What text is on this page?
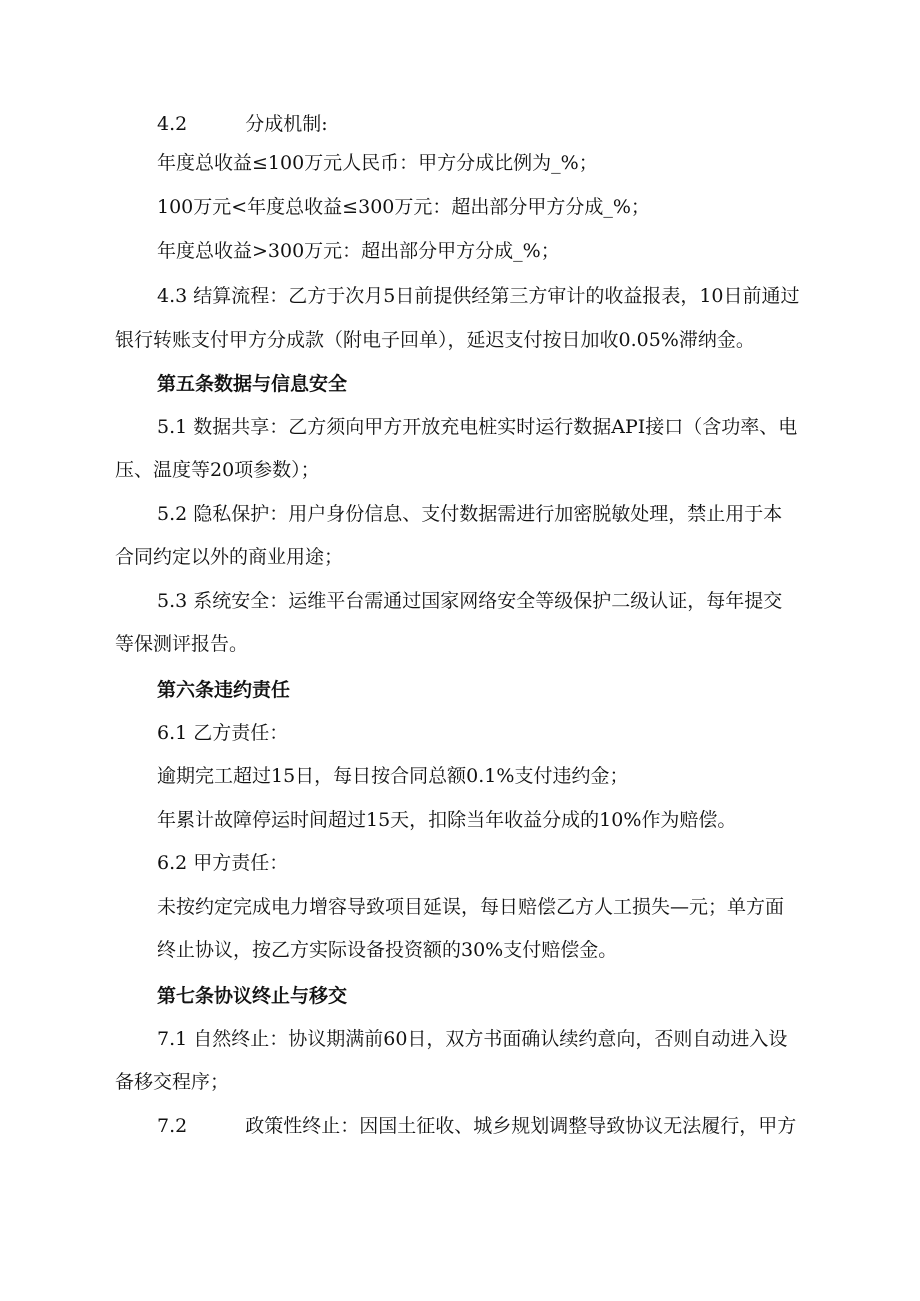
4.2	分成机制:
年度总收益≤100万元人民币：甲方分成比例为_%；
100万元<年度总收益≤300万元：超出部分甲方分成_%；
年度总收益>300万元：超出部分甲方分成_%；
4.3 结算流程：乙方于次月5日前提供经第三方审计的收益报表，10日前通过
银行转账支付甲方分成款（附电子回单），延迟支付按日加收0.05%滞纳金。
第五条数据与信息安全
5.1 数据共享：乙方须向甲方开放充电桩实时运行数据API接口（含功率、电
压、温度等20项参数）；
5.2 隐私保护：用户身份信息、支付数据需进行加密脱敏处理，禁止用于本
合同约定以外的商业用途；
5.3 系统安全：运维平台需通过国家网络安全等级保护二级认证，每年提交
等保测评报告。
第六条违约责任
6.1 乙方责任：
逾期完工超过15日，每日按合同总额0.1%支付违约金；
年累计故障停运时间超过15天，扣除当年收益分成的10%作为赔偿。
6.2 甲方责任：
未按约定完成电力增容导致项目延误，每日赔偿乙方人工损失—元；单方面
终止协议，按乙方实际设备投资额的30%支付赔偿金。
第七条协议终止与移交
7.1 自然终止：协议期满前60日，双方书面确认续约意向，否则自动进入设
备移交程序；
7.2	政策性终止：因国土征收、城乡规划调整导致协议无法履行，甲方
